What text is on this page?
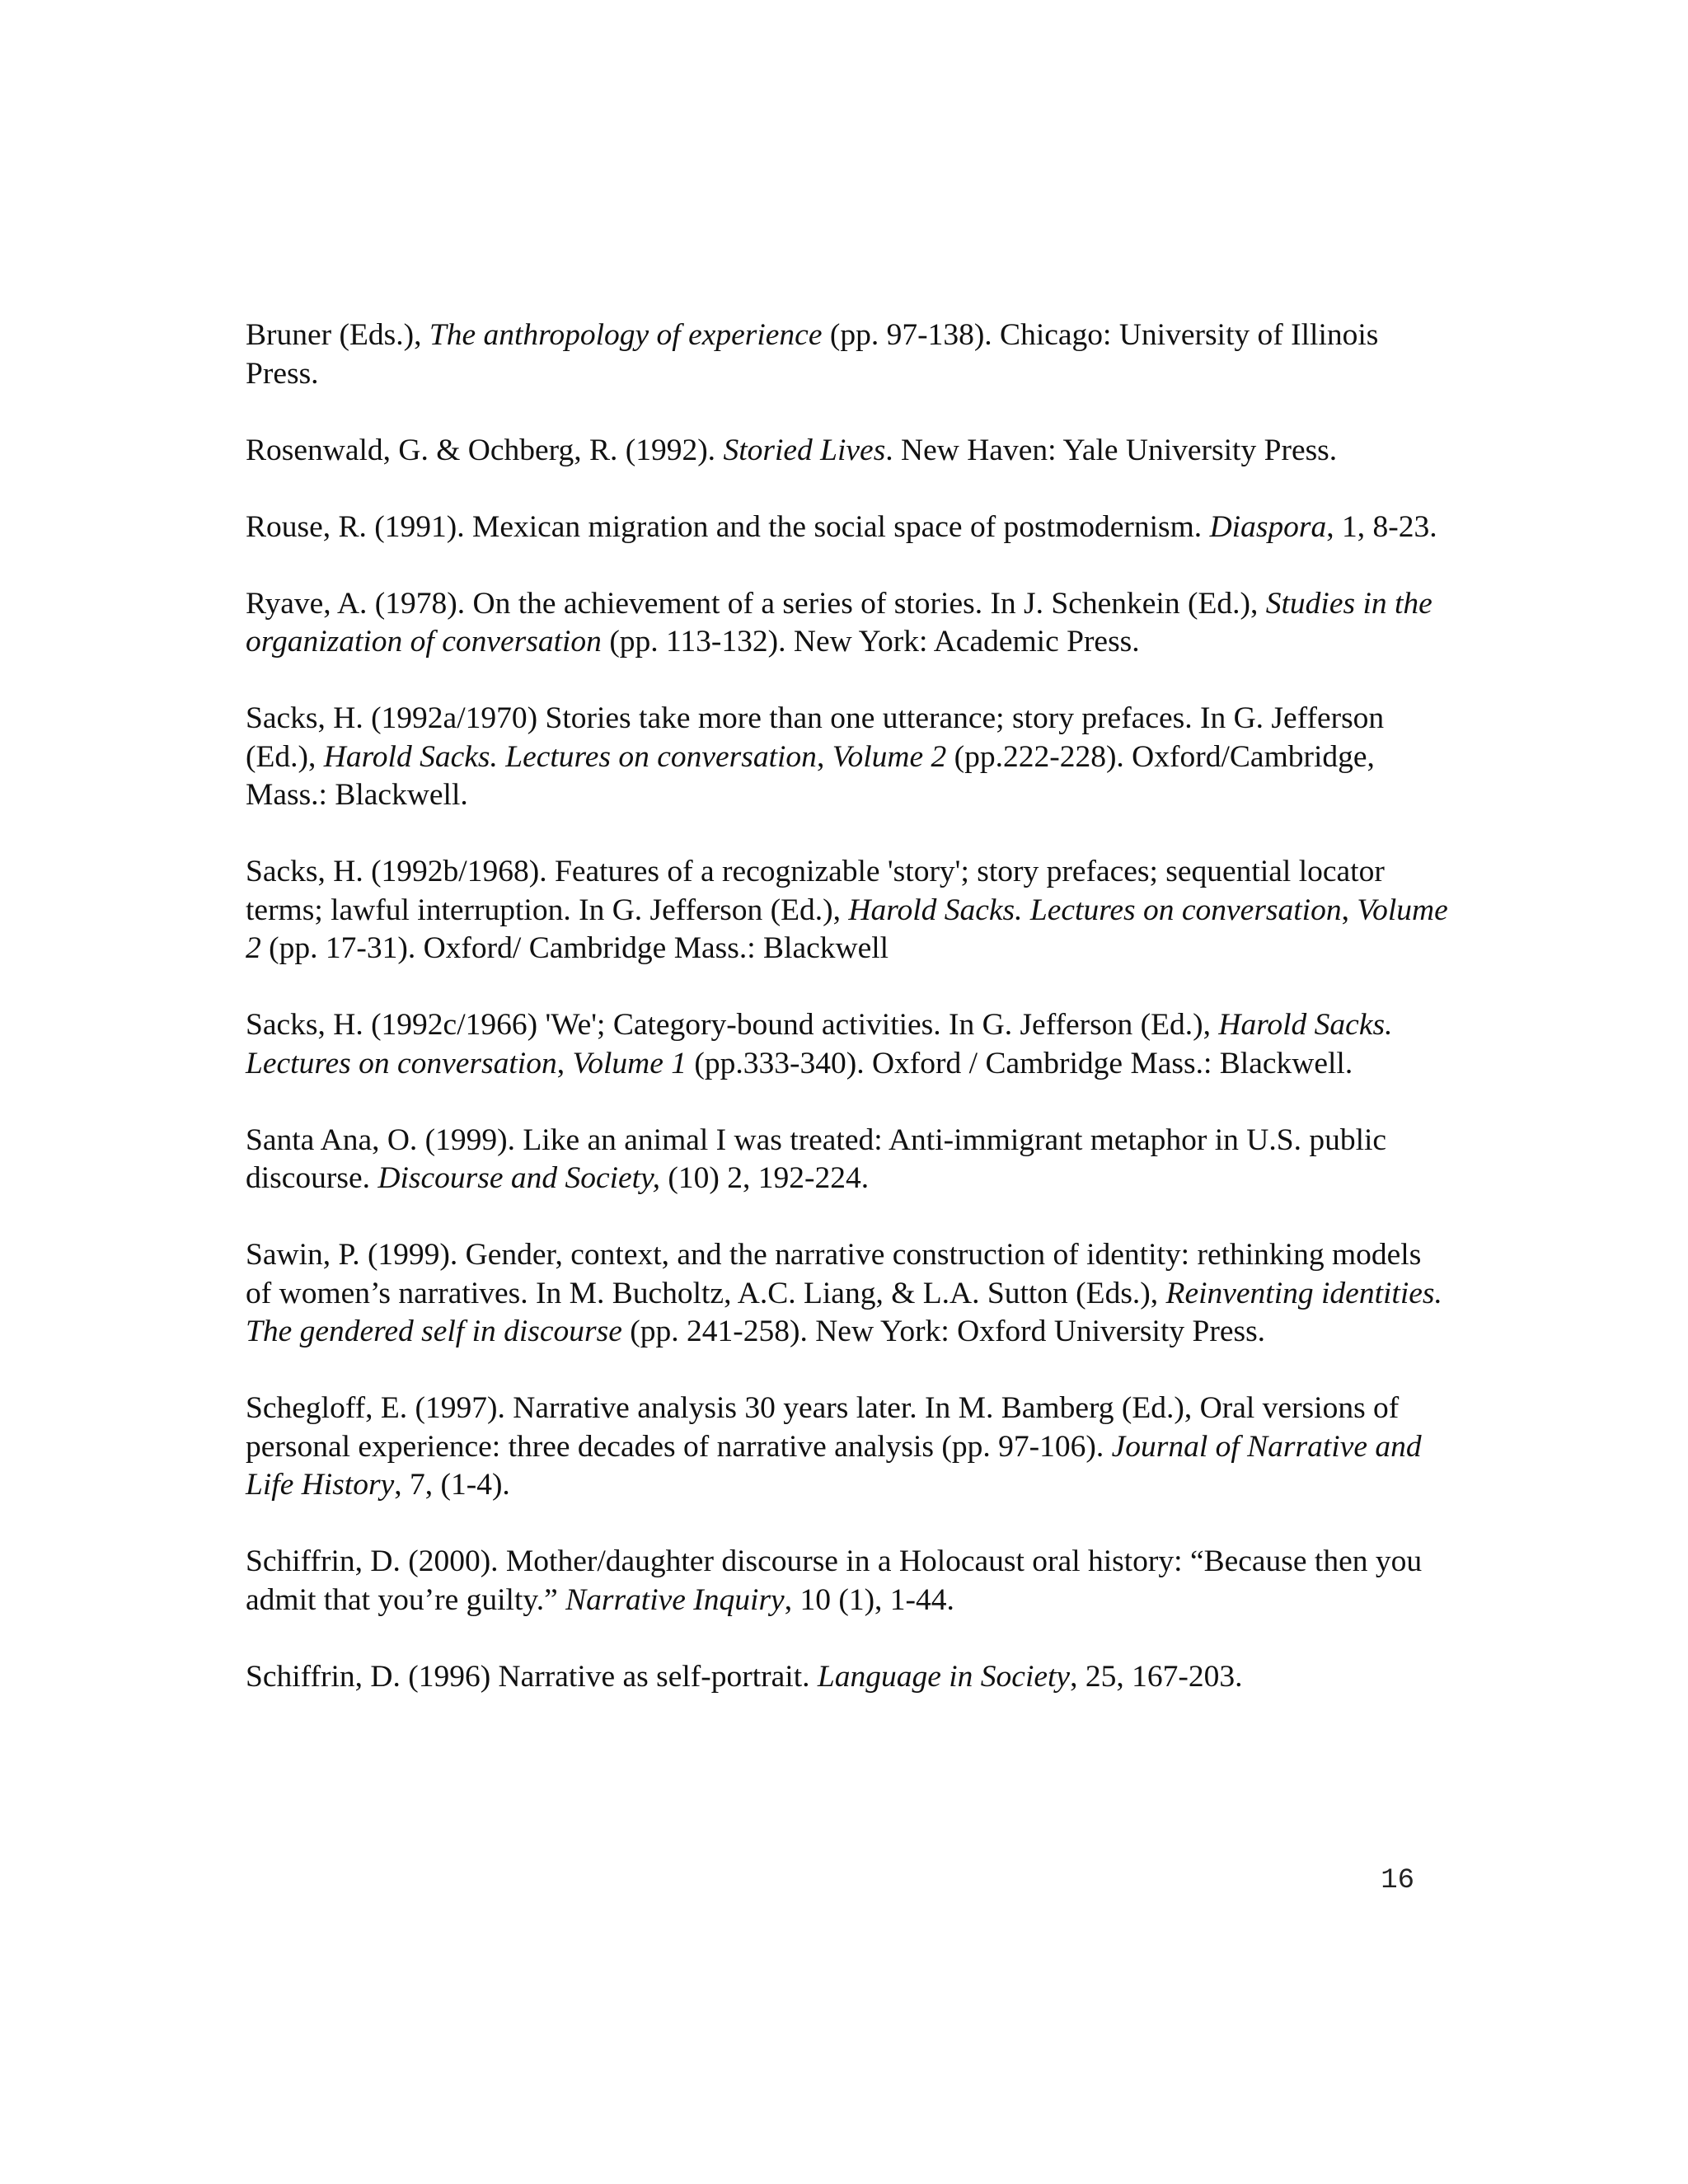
Bruner (Eds.), The anthropology of experience (pp. 97-138). Chicago: University of Illinois Press.

Rosenwald, G. & Ochberg, R. (1992). Storied Lives. New Haven: Yale University Press.

Rouse, R. (1991). Mexican migration and the social space of postmodernism. Diaspora, 1, 8-23.

Ryave, A. (1978). On the achievement of a series of stories. In J. Schenkein (Ed.), Studies in the organization of conversation (pp. 113-132). New York: Academic Press.

Sacks, H. (1992a/1970) Stories take more than one utterance; story prefaces. In G. Jefferson (Ed.), Harold Sacks. Lectures on conversation, Volume 2 (pp.222-228). Oxford/Cambridge, Mass.: Blackwell.

Sacks, H. (1992b/1968). Features of a recognizable 'story'; story prefaces; sequential locator terms; lawful interruption. In G. Jefferson (Ed.), Harold Sacks. Lectures on conversation, Volume 2 (pp. 17-31). Oxford/ Cambridge Mass.: Blackwell

Sacks, H. (1992c/1966) 'We'; Category-bound activities. In G. Jefferson (Ed.), Harold Sacks. Lectures on conversation, Volume 1 (pp.333-340). Oxford / Cambridge Mass.: Blackwell.

Santa Ana, O. (1999). Like an animal I was treated: Anti-immigrant metaphor in U.S. public discourse. Discourse and Society, (10) 2, 192-224.

Sawin, P. (1999). Gender, context, and the narrative construction of identity: rethinking models of women’s narratives. In M. Bucholtz, A.C. Liang, & L.A. Sutton (Eds.), Reinventing identities. The gendered self in discourse (pp. 241-258). New York: Oxford University Press.

Schegloff, E. (1997). Narrative analysis 30 years later. In M. Bamberg (Ed.), Oral versions of personal experience: three decades of narrative analysis (pp. 97-106). Journal of Narrative and Life History, 7, (1-4).

Schiffrin, D. (2000). Mother/daughter discourse in a Holocaust oral history: “Because then you admit that you’re guilty.” Narrative Inquiry, 10 (1), 1-44.

Schiffrin, D. (1996) Narrative as self-portrait. Language in Society, 25, 167-203.

16
